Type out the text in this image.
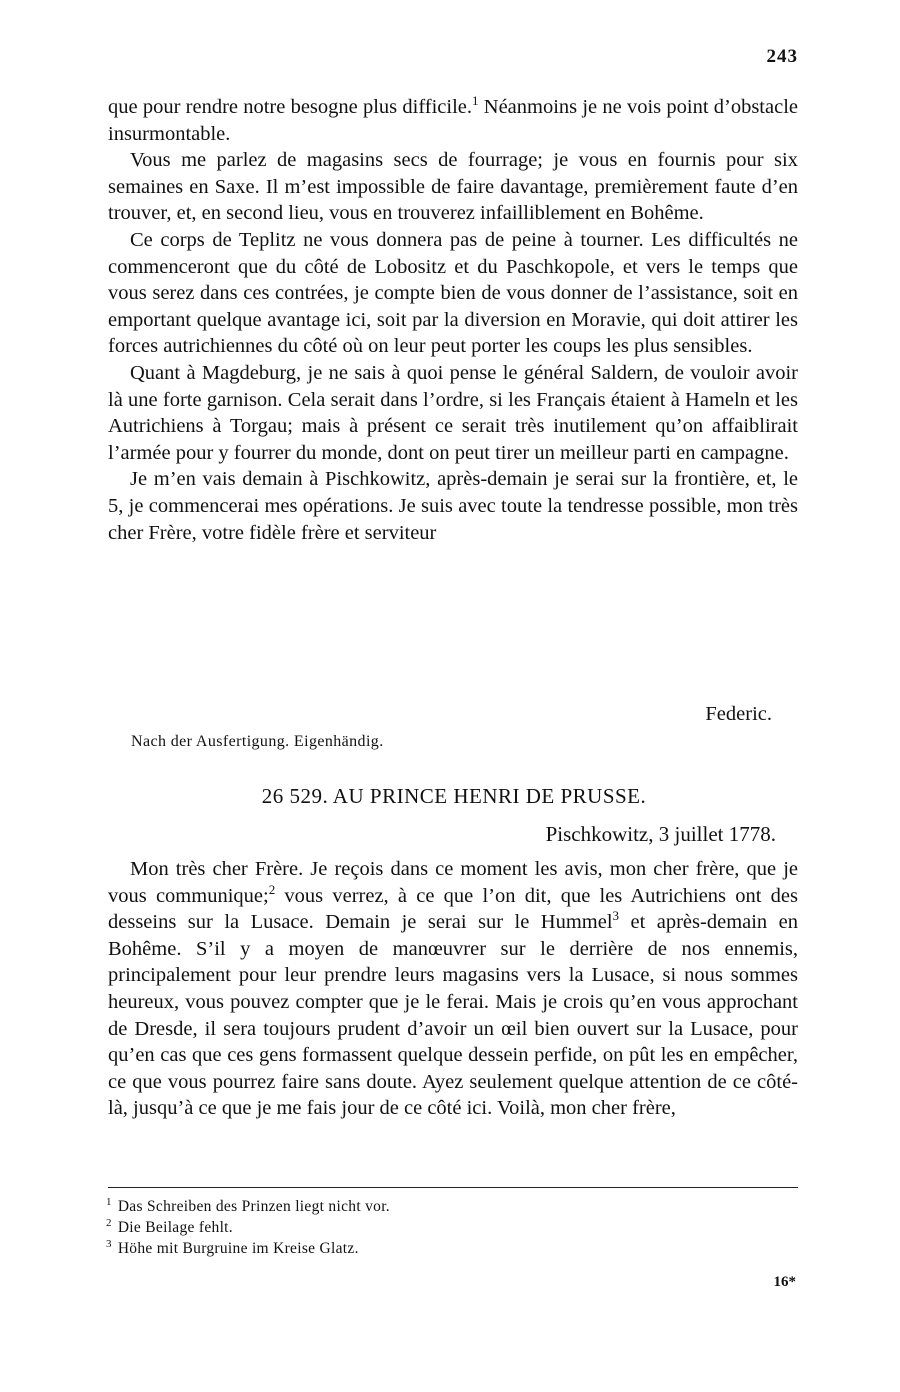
243

que pour rendre notre besogne plus difficile.$^1$ Néanmoins je ne vois point d’obstacle insurmontable.

Vous me parlez de magasins secs de fourrage; je vous en fournis pour six semaines en Saxe. Il m’est impossible de faire davantage, premièrement faute d’en trouver, et, en second lieu, vous en trouverez infailliblement en Bohême.

Ce corps de Teplitz ne vous donnera pas de peine à tourner. Les difficultés ne commenceront que du côté de Lobositz et du Paschkopole, et vers le temps que vous serez dans ces contrées, je compte bien de vous donner de l’assistance, soit en emportant quelque avantage ici, soit par la diversion en Moravie, qui doit attirer les forces autrichiennes du côté où on leur peut porter les coups les plus sensibles.

Quant à Magdeburg, je ne sais à quoi pense le général Saldern, de vouloir avoir là une forte garnison. Cela serait dans l’ordre, si les Français étaient à Hameln et les Autrichiens à Torgau; mais à présent ce serait très inutilement qu’on affaiblirait l’armée pour y fourrer du monde, dont on peut tirer un meilleur parti en campagne.

Je m’en vais demain à Pischkowitz, après-demain je serai sur la frontière, et, le 5, je commencerai mes opérations. Je suis avec toute la tendresse possible, mon très cher Frère, votre fidèle frère et serviteur

Federic.
Nach der Ausfertigung. Eigenhändig.
26 529. AU PRINCE HENRI DE PRUSSE.
Pischkowitz, 3 juillet 1778.

Mon très cher Frère. Je reçois dans ce moment les avis, mon cher frère, que je vous communique;$^2$ vous verrez, à ce que l’on dit, que les Autrichiens ont des desseins sur la Lusace. Demain je serai sur le Hummel$^3$ et après-demain en Bohême. S’il y a moyen de manœuvrer sur le derrière de nos ennemis, principalement pour leur prendre leurs magasins vers la Lusace, si nous sommes heureux, vous pouvez compter que je le ferai. Mais je crois qu’en vous approchant de Dresde, il sera toujours prudent d’avoir un œil bien ouvert sur la Lusace, pour qu’en cas que ces gens formassent quelque dessein perfide, on pût les en empêcher, ce que vous pourrez faire sans doute. Ayez seulement quelque attention de ce côté-là, jusqu’à ce que je me fais jour de ce côté ici. Voilà, mon cher frère,

$^1$ Das Schreiben des Prinzen liegt nicht vor.
$^2$ Die Beilage fehlt.
$^3$ Höhe mit Burgruine im Kreise Glatz.
16*
